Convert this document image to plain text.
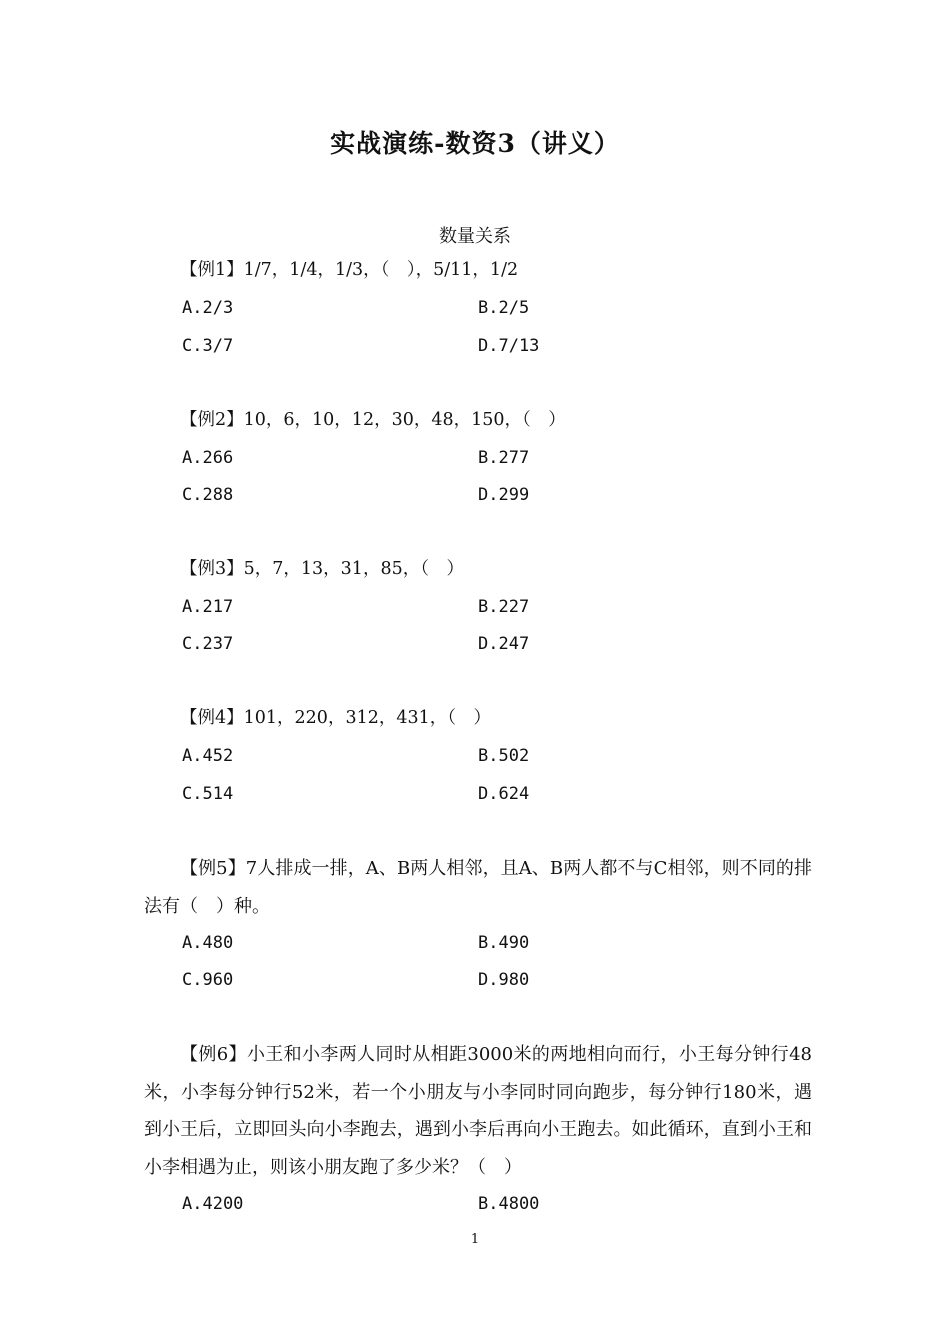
实战演练-数资3（讲义）
数量关系
【例1】1/7，1/4，1/3，（　），5/11，1/2
A.2/3	B.2/5
C.3/7	D.7/13
【例2】10，6，10，12，30，48，150，（　）
A.266	B.277
C.288	D.299
【例3】5，7，13，31，85，（　）
A.217	B.227
C.237	D.247
【例4】101，220，312，431，（　）
A.452	B.502
C.514	D.624
【例5】7人排成一排，A、B两人相邻，且A、B两人都不与C相邻，则不同的排法有（　）种。
A.480	B.490
C.960	D.980
【例6】小王和小李两人同时从相距3000米的两地相向而行，小王每分钟行48米，小李每分钟行52米，若一个小朋友与小李同时同向跑步，每分钟行180米，遇到小王后，立即回头向小李跑去，遇到小李后再向小王跑去。如此循环，直到小王和小李相遇为止，则该小朋友跑了多少米？（　）
A.4200	B.4800
1
